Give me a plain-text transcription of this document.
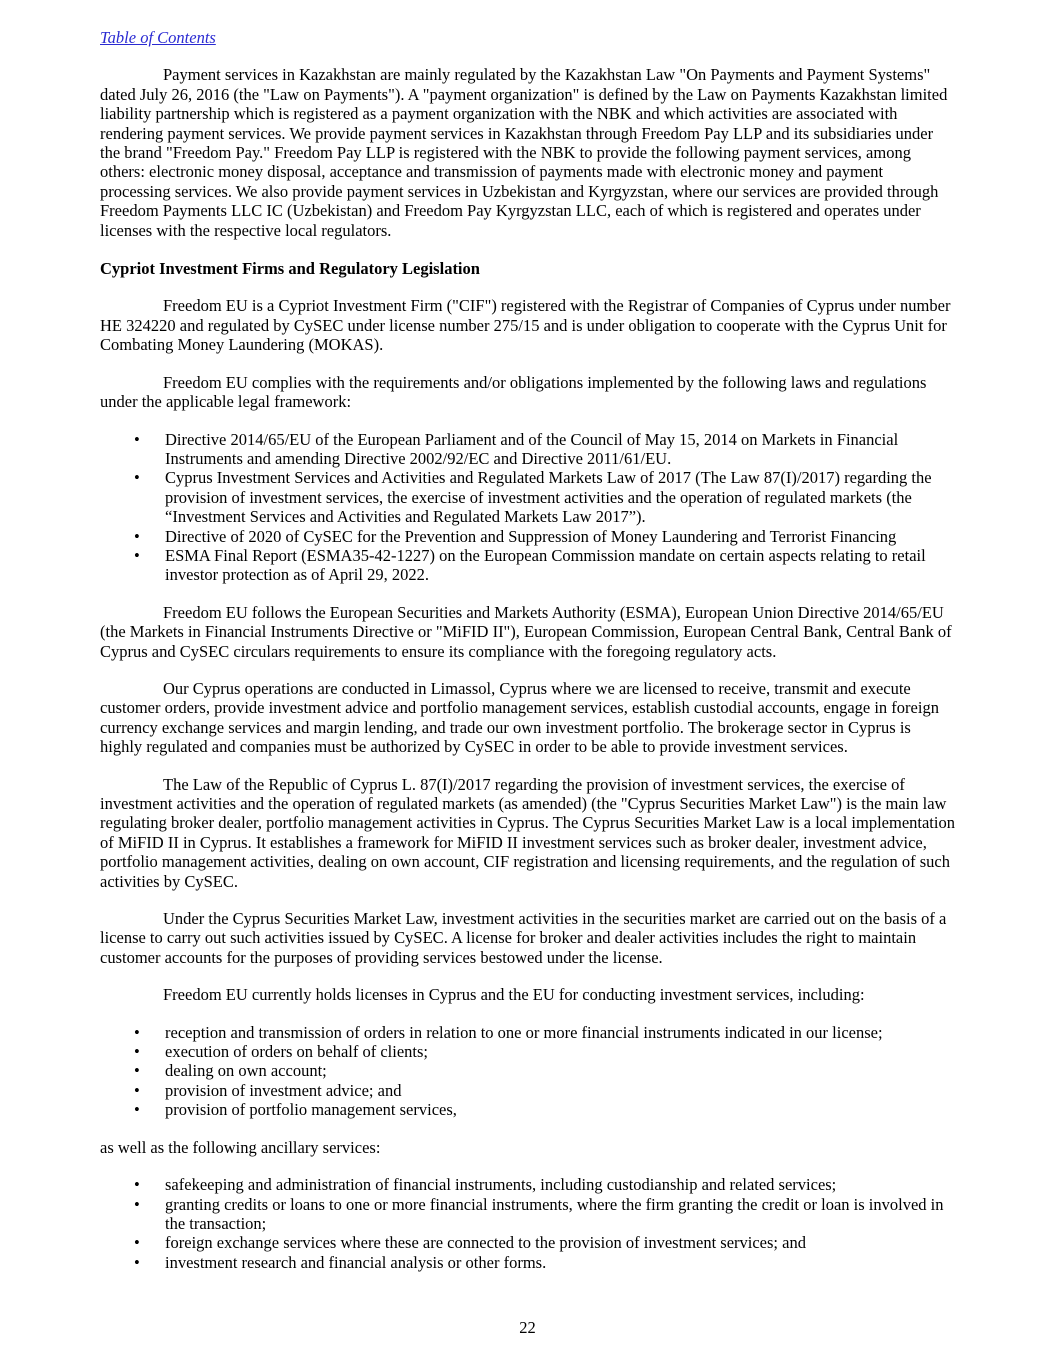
Table of Contents

Payment services in Kazakhstan are mainly regulated by the Kazakhstan Law "On Payments and Payment Systems" dated July 26, 2016 (the "Law on Payments"). A "payment organization" is defined by the Law on Payments Kazakhstan limited liability partnership which is registered as a payment organization with the NBK and which activities are associated with rendering payment services. We provide payment services in Kazakhstan through Freedom Pay LLP and its subsidiaries under the brand "Freedom Pay." Freedom Pay LLP is registered with the NBK to provide the following payment services, among others: electronic money disposal, acceptance and transmission of payments made with electronic money and payment processing services. We also provide payment services in Uzbekistan and Kyrgyzstan, where our services are provided through Freedom Payments LLC IC (Uzbekistan) and Freedom Pay Kyrgyzstan LLC, each of which is registered and operates under licenses with the respective local regulators.

Cypriot Investment Firms and Regulatory Legislation

Freedom EU is a Cypriot Investment Firm ("CIF") registered with the Registrar of Companies of Cyprus under number HE 324220 and regulated by CySEC under license number 275/15 and is under obligation to cooperate with the Cyprus Unit for Combating Money Laundering (MOKAS).

Freedom EU complies with the requirements and/or obligations implemented by the following laws and regulations under the applicable legal framework:

• Directive 2014/65/EU of the European Parliament and of the Council of May 15, 2014 on Markets in Financial Instruments and amending Directive 2002/92/EC and Directive 2011/61/EU.
• Cyprus Investment Services and Activities and Regulated Markets Law of 2017 (The Law 87(I)/2017) regarding the provision of investment services, the exercise of investment activities and the operation of regulated markets (the “Investment Services and Activities and Regulated Markets Law 2017”).
• Directive of 2020 of CySEC for the Prevention and Suppression of Money Laundering and Terrorist Financing
• ESMA Final Report (ESMA35-42-1227) on the European Commission mandate on certain aspects relating to retail investor protection as of April 29, 2022.

Freedom EU follows the European Securities and Markets Authority (ESMA), European Union Directive 2014/65/EU (the Markets in Financial Instruments Directive or "MiFID II"), European Commission, European Central Bank, Central Bank of Cyprus and CySEC circulars requirements to ensure its compliance with the foregoing regulatory acts.

Our Cyprus operations are conducted in Limassol, Cyprus where we are licensed to receive, transmit and execute customer orders, provide investment advice and portfolio management services, establish custodial accounts, engage in foreign currency exchange services and margin lending, and trade our own investment portfolio. The brokerage sector in Cyprus is highly regulated and companies must be authorized by CySEC in order to be able to provide investment services.

The Law of the Republic of Cyprus L. 87(I)/2017 regarding the provision of investment services, the exercise of investment activities and the operation of regulated markets (as amended) (the "Cyprus Securities Market Law") is the main law regulating broker dealer, portfolio management activities in Cyprus. The Cyprus Securities Market Law is a local implementation of MiFID II in Cyprus. It establishes a framework for MiFID II investment services such as broker dealer, investment advice, portfolio management activities, dealing on own account, CIF registration and licensing requirements, and the regulation of such activities by CySEC.

Under the Cyprus Securities Market Law, investment activities in the securities market are carried out on the basis of a license to carry out such activities issued by CySEC. A license for broker and dealer activities includes the right to maintain customer accounts for the purposes of providing services bestowed under the license.

Freedom EU currently holds licenses in Cyprus and the EU for conducting investment services, including:

• reception and transmission of orders in relation to one or more financial instruments indicated in our license;
• execution of orders on behalf of clients;
• dealing on own account;
• provision of investment advice; and
• provision of portfolio management services,

as well as the following ancillary services:

• safekeeping and administration of financial instruments, including custodianship and related services;
• granting credits or loans to one or more financial instruments, where the firm granting the credit or loan is involved in the transaction;
• foreign exchange services where these are connected to the provision of investment services; and
• investment research and financial analysis or other forms.
22
